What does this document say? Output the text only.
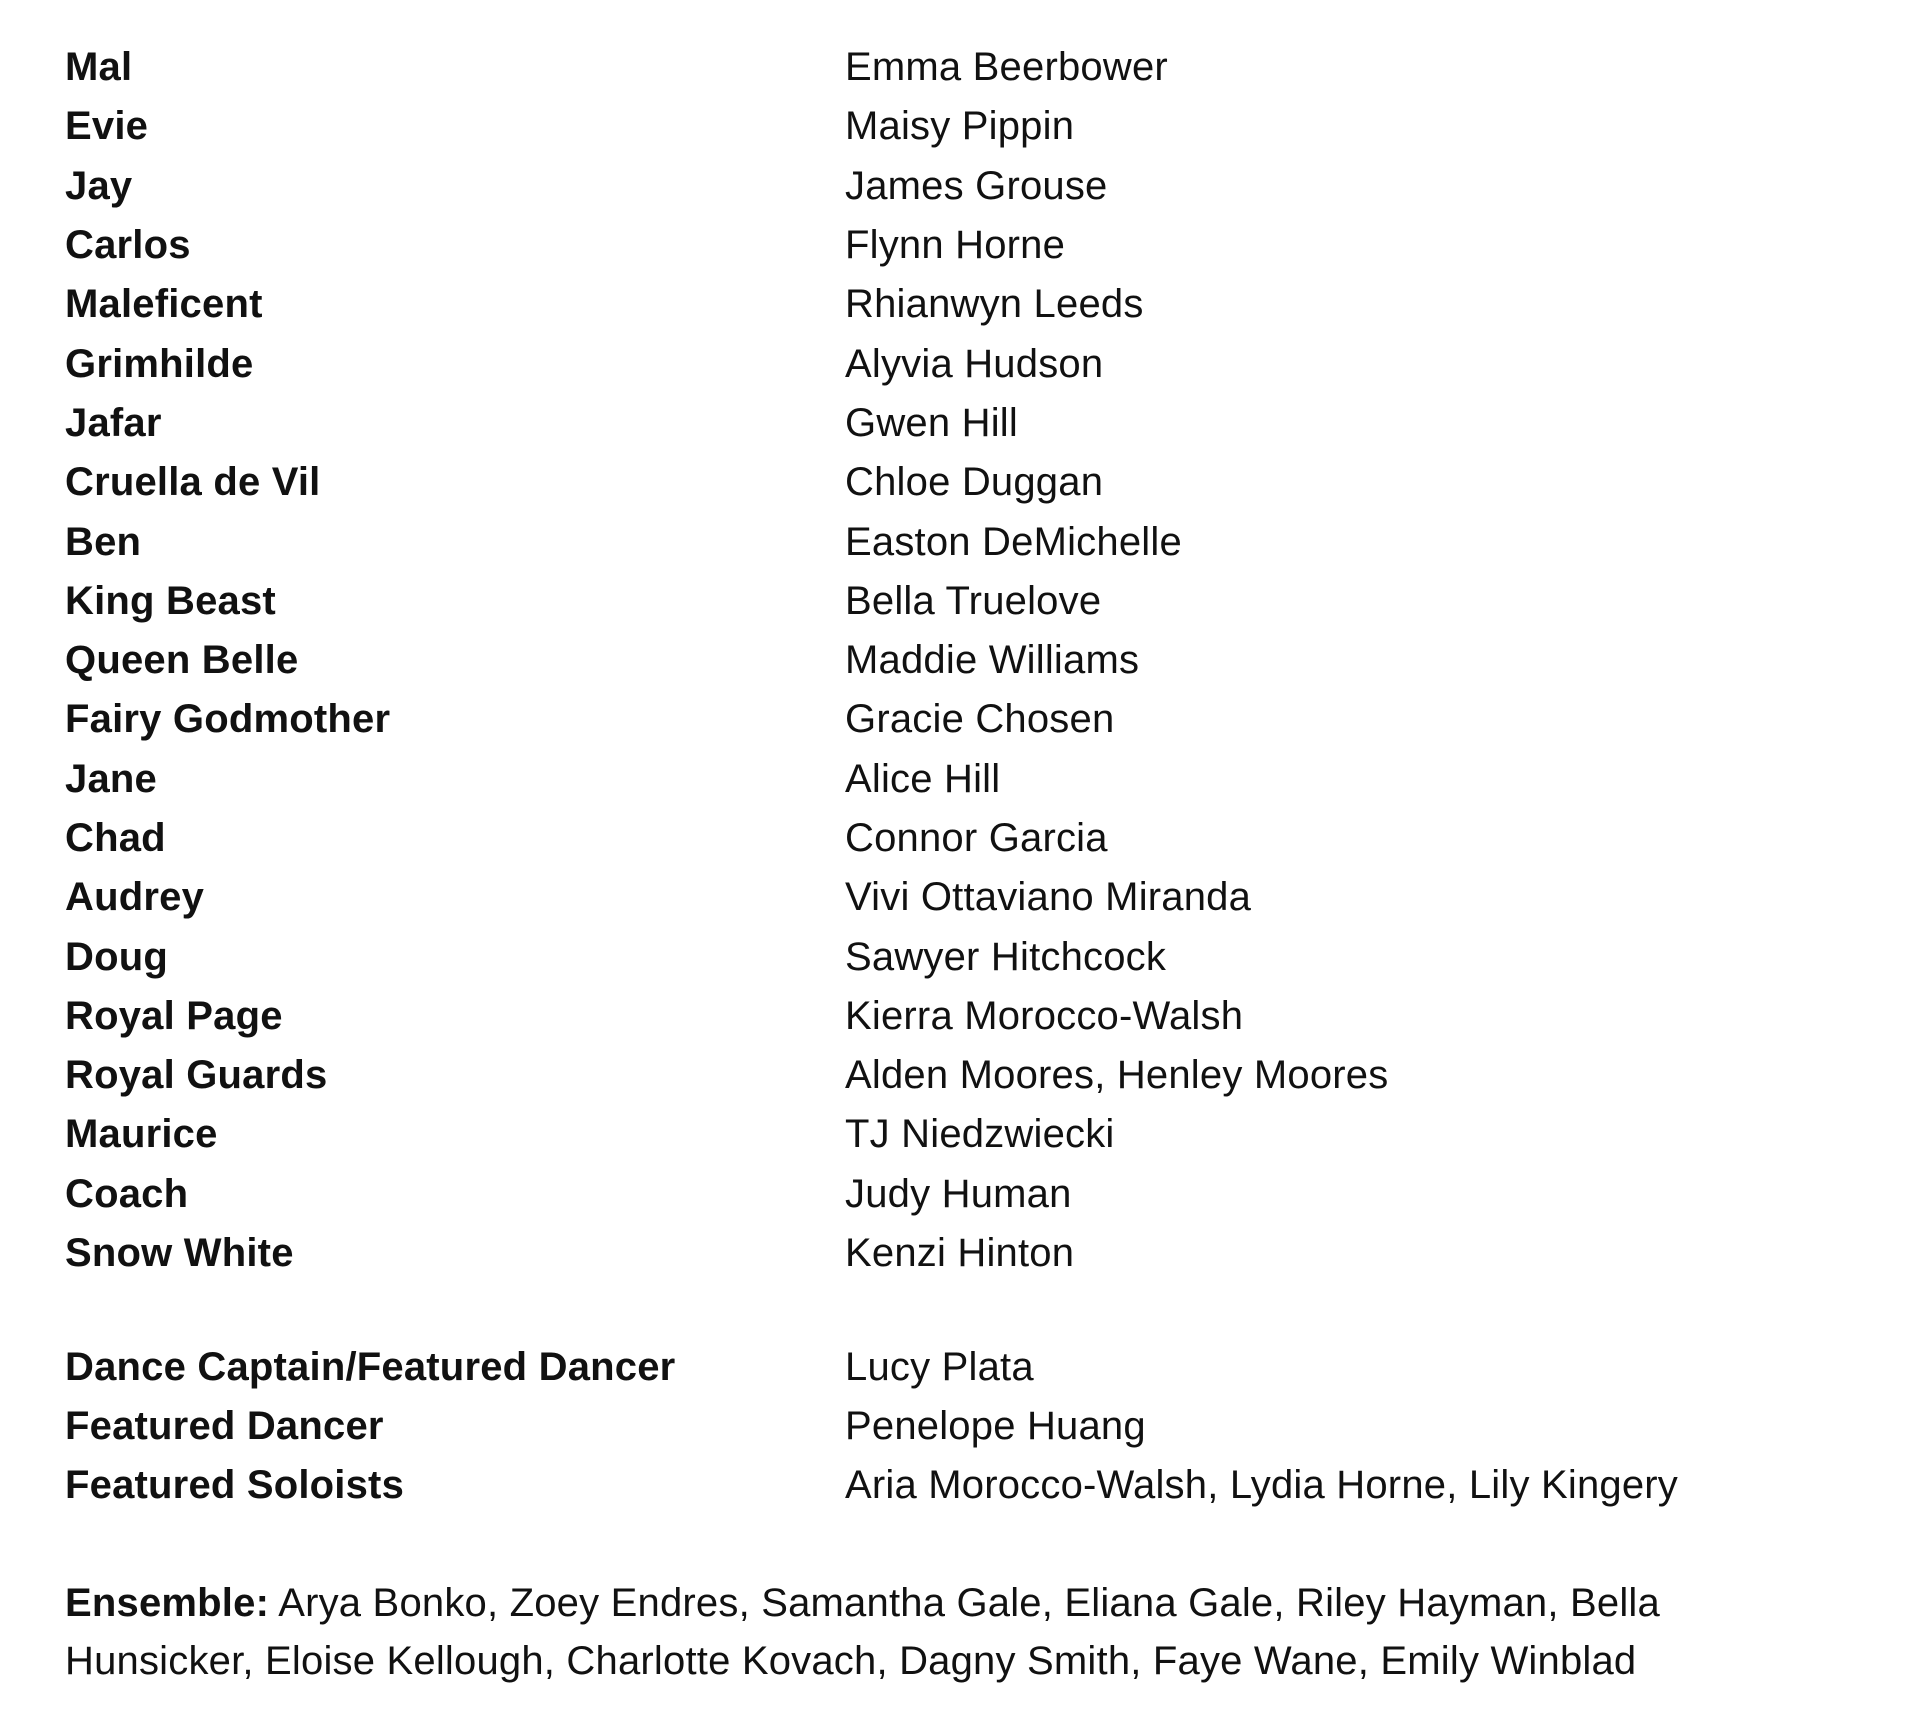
Mal	Emma Beerbower
Evie	Maisy Pippin
Jay	James Grouse
Carlos	Flynn Horne
Maleficent	Rhianwyn Leeds
Grimhilde	Alyvia Hudson
Jafar	Gwen Hill
Cruella de Vil	Chloe Duggan
Ben	Easton DeMichelle
King Beast	Bella Truelove
Queen Belle	Maddie Williams
Fairy Godmother	Gracie Chosen
Jane	Alice Hill
Chad	Connor Garcia
Audrey	Vivi Ottaviano Miranda
Doug	Sawyer Hitchcock
Royal Page	Kierra Morocco-Walsh
Royal Guards	Alden Moores, Henley Moores
Maurice	TJ Niedzwiecki
Coach	Judy Human
Snow White	Kenzi Hinton
Dance Captain/Featured Dancer	Lucy Plata
Featured Dancer	Penelope Huang
Featured Soloists	Aria Morocco-Walsh, Lydia Horne, Lily Kingery
Ensemble: Arya Bonko, Zoey Endres, Samantha Gale, Eliana Gale, Riley Hayman, Bella
Hunsicker, Eloise Kellough, Charlotte Kovach, Dagny Smith, Faye Wane, Emily Winblad
